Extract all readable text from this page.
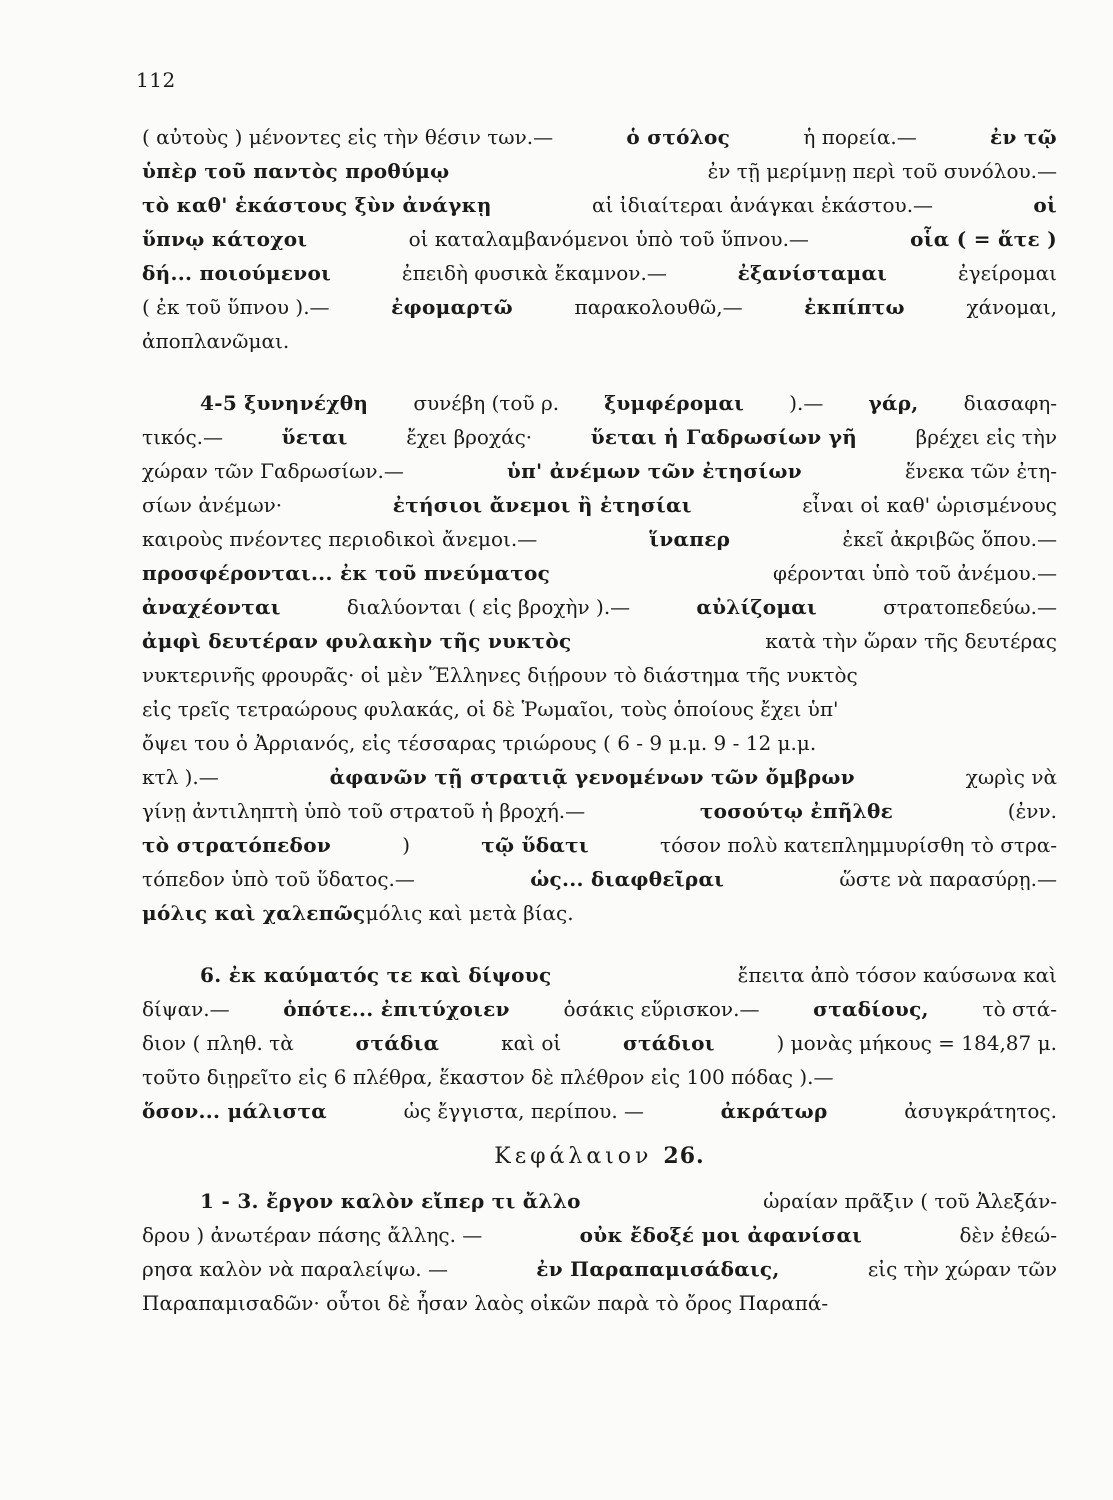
112
( αὐτοὺς ) μένοντες εἰς τὴν θέσιν των.—	ὁ στόλος	ἡ πορεία.—	ἐν τῷ
ὑπὲρ τοῦ παντὸς προθύμῳ	ἐν τῇ μερίμνῃ περὶ τοῦ συνόλου.—
τὸ καθ' ἑκάστους ξὺν ἀνάγκῃ	αἱ ἰδιαίτεραι ἀνάγκαι ἑκάστου.—	οἱ
ὕπνῳ κάτοχοι	οἱ καταλαμβανόμενοι ὑπὸ τοῦ ὕπνου.—	οἷα ( = ἅτε )
δή... ποιούμενοι	ἐπειδὴ φυσικὰ ἔκαμνον.—	ἐξανίσταμαι	ἐγείρομαι
( ἐκ τοῦ ὕπνου ).—	ἐφομαρτῶ	παρακολουθῶ,—	ἐκπίπτω	χάνομαι,
ἀποπλανῶμαι.
4-5 ξυνηνέχθη συνέβη (τοῦ ρ. ξυμφέρομαι ).— γάρ, διασαφη-
τικός.—	ὕεται	ἔχει βροχάς·	ὕεται ἡ Γαδρωσίων γῆ	βρέχει εἰς τὴν
χώραν τῶν Γαδρωσίων.—	ὑπ' ἀνέμων τῶν ἐτησίων	ἕνεκα τῶν ἐτη-
σίων ἀνέμων·	ἐτήσιοι ἄνεμοι ἢ ἐτησίαι	εἶναι οἱ καθ' ὡρισμένους
καιροὺς πνέοντες περιοδικοὶ ἄνεμοι.—	ἵναπερ	ἐκεῖ ἀκριβῶς ὅπου.—
προσφέρονται... ἐκ τοῦ πνεύματος	φέρονται ὑπὸ τοῦ ἀνέμου.—
ἀναχέονται	διαλύονται ( εἰς βροχὴν ).—	αὐλίζομαι	στρατοπεδεύω.—
ἀμφὶ δευτέραν φυλακὴν τῆς νυκτὸς	κατὰ τὴν ὥραν τῆς δευτέρας
νυκτερινῆς φρουρᾶς· οἱ μὲν Ἕλληνες διῄρουν τὸ διάστημα τῆς νυκτὸς
εἰς τρεῖς τετραώρους φυλακάς, οἱ δὲ Ῥωμαῖοι, τοὺς ὁποίους ἔχει ὑπ'
ὄψει του ὁ Ἀρριανός, εἰς τέσσαρας τριώρους ( 6 - 9 μ.μ. 9 - 12 μ.μ.
κτλ ).—	ἀφανῶν τῇ στρατιᾷ γενομένων τῶν ὄμβρων	χωρὶς νὰ
γίνῃ ἀντιληπτὴ ὑπὸ τοῦ στρατοῦ ἡ βροχή.—	τοσούτῳ ἐπῆλθε	(ἐνν.
τὸ στρατόπεδον	)	τῷ ὕδατι	τόσον πολὺ κατεπλημμυρίσθη τὸ στρα-
τόπεδον ὑπὸ τοῦ ὕδατος.—	ὡς... διαφθεῖραι	ὥστε νὰ παρασύρῃ.—
μόλις καὶ χαλεπῶς μόλις καὶ μετὰ βίας.
6. ἐκ καύματός τε καὶ δίψους	ἔπειτα ἀπὸ τόσον καύσωνα καὶ
δίψαν.—	ὁπότε... ἐπιτύχοιεν	ὁσάκις εὕρισκον.—	σταδίους,	τὸ στά-
διον ( πληθ. τὰ	στάδια	καὶ οἱ	στάδιοι	) μονὰς μήκους = 184,87 μ.
τοῦτο διῃρεῖτο εἰς 6 πλέθρα, ἕκαστον δὲ πλέθρον εἰς 100 πόδας ).—
ὅσον... μάλιστα	ὡς ἔγγιστα, περίπου. —	ἀκράτωρ	ἀσυγκράτητος.
Κεφάλαιον 26.
1 - 3. ἔργον καλὸν εἴπερ τι ἄλλο	ὡραίαν πρᾶξιν ( τοῦ Ἀλεξάν-
δρου ) ἀνωτέραν πάσης ἄλλης. —	οὐκ ἔδοξέ μοι ἀφανίσαι	δὲν ἐθεώ-
ρησα καλὸν νὰ παραλείψω. —	ἐν Παραπαμισάδαις,	εἰς τὴν χώραν τῶν
Παραπαμισαδῶν· οὗτοι δὲ ἦσαν λαὸς οἰκῶν παρὰ τὸ ὄρος Παραπά-
